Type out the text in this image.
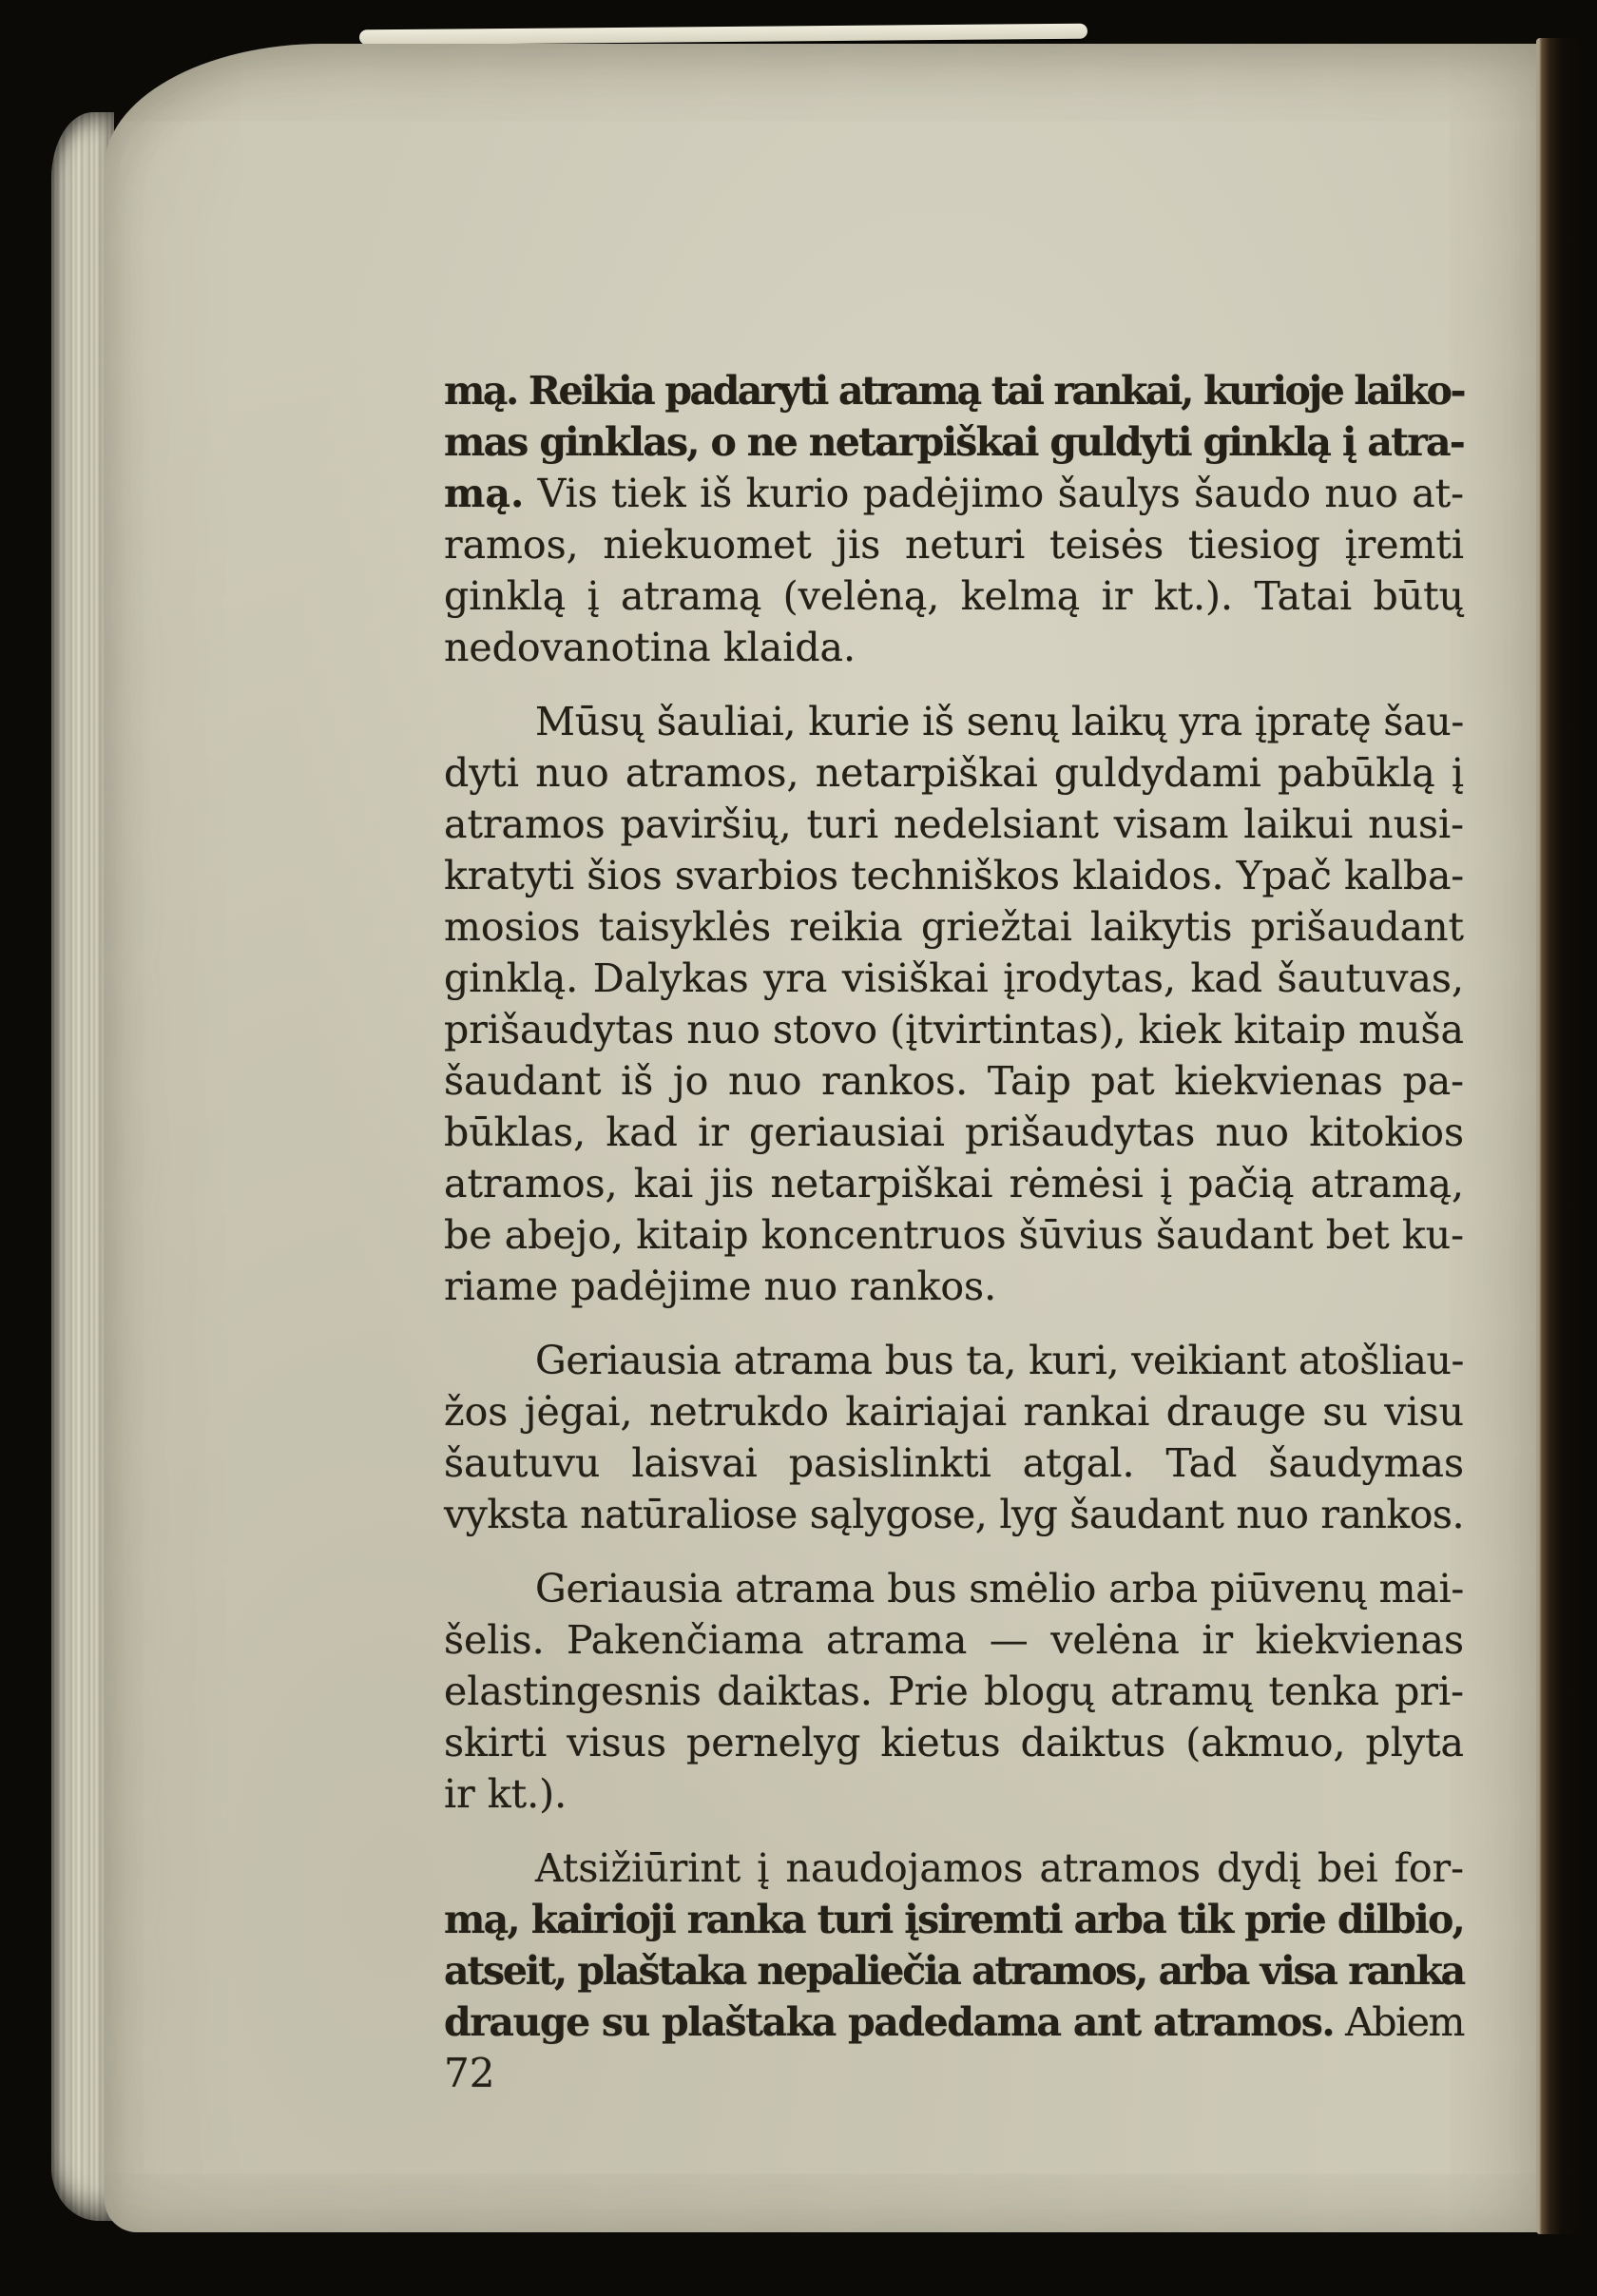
mą. Reikia padaryti atramą tai rankai, kurioje laiko-
mas ginklas, o ne netarpiškai guldyti ginklą į atra-
mą. Vis tiek iš kurio padėjimo šaulys šaudo nuo at-
ramos, niekuomet jis neturi teisės tiesiog įremti
ginklą į atramą (velėną, kelmą ir kt.). Tatai būtų
nedovanotina klaida.
Mūsų šauliai, kurie iš senų laikų yra įpratę šau-
dyti nuo atramos, netarpiškai guldydami pabūklą į
atramos paviršių, turi nedelsiant visam laikui nusi-
kratyti šios svarbios techniškos klaidos. Ypač kalba-
mosios taisyklės reikia griežtai laikytis prišaudant
ginklą. Dalykas yra visiškai įrodytas, kad šautuvas,
prišaudytas nuo stovo (įtvirtintas), kiek kitaip muša
šaudant iš jo nuo rankos. Taip pat kiekvienas pa-
būklas, kad ir geriausiai prišaudytas nuo kitokios
atramos, kai jis netarpiškai rėmėsi į pačią atramą,
be abejo, kitaip koncentruos šūvius šaudant bet ku-
riame padėjime nuo rankos.
Geriausia atrama bus ta, kuri, veikiant atošliau-
žos jėgai, netrukdo kairiajai rankai drauge su visu
šautuvu laisvai pasislinkti atgal. Tad šaudymas
vyksta natūraliose sąlygose, lyg šaudant nuo rankos.
Geriausia atrama bus smėlio arba piūvenų mai-
šelis. Pakenčiama atrama — velėna ir kiekvienas
elastingesnis daiktas. Prie blogų atramų tenka pri-
skirti visus pernelyg kietus daiktus (akmuo, plyta
ir kt.).
Atsižiūrint į naudojamos atramos dydį bei for-
mą, kairioji ranka turi įsiremti arba tik prie dilbio,
atseit, plaštaka nepaliečia atramos, arba visa ranka
drauge su plaštaka padedama ant atramos. Abiem
72
